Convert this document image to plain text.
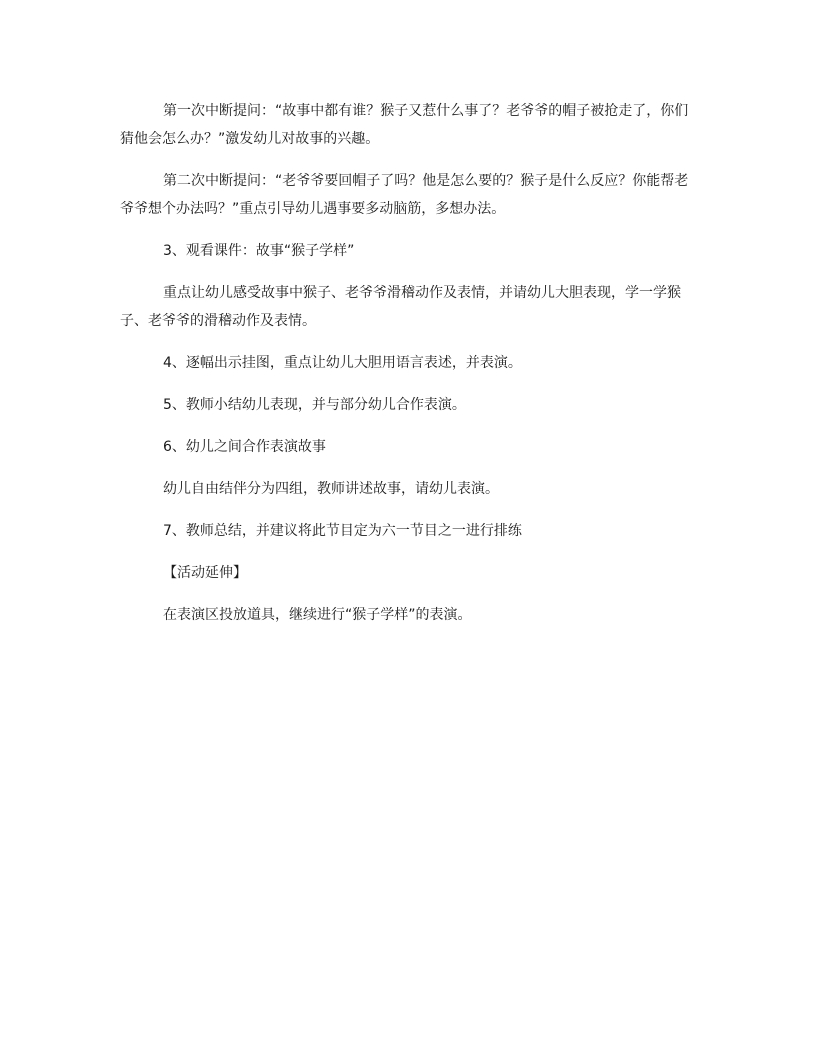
第一次中断提问：“故事中都有谁？猴子又惹什么事了？老爷爷的帽子被抢走了，你们猜他会怎么办？”激发幼儿对故事的兴趣。

第二次中断提问：“老爷爷要回帽子了吗？他是怎么要的？猴子是什么反应？你能帮老爷爷想个办法吗？”重点引导幼儿遇事要多动脑筋，多想办法。

3、观看课件：故事“猴子学样”

重点让幼儿感受故事中猴子、老爷爷滑稽动作及表情，并请幼儿大胆表现，学一学猴子、老爷爷的滑稽动作及表情。

4、逐幅出示挂图，重点让幼儿大胆用语言表述，并表演。

5、教师小结幼儿表现，并与部分幼儿合作表演。

6、幼儿之间合作表演故事

幼儿自由结伴分为四组，教师讲述故事，请幼儿表演。

7、教师总结，并建议将此节目定为六一节目之一进行排练

【活动延伸】

在表演区投放道具，继续进行“猴子学样”的表演。
